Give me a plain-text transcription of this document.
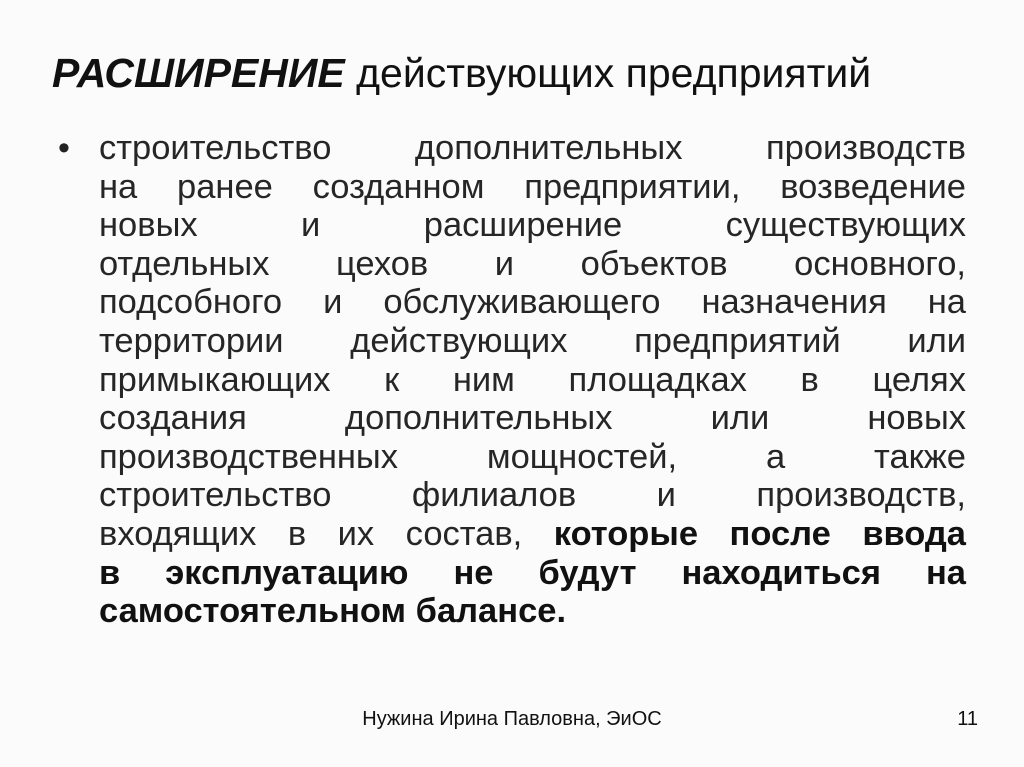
РАСШИРЕНИЕ действующих предприятий
• строительство дополнительных производств
на ранее созданном предприятии, возведение
новых и расширение существующих
отдельных цехов и объектов основного,
подсобного и обслуживающего назначения на
территории действующих предприятий или
примыкающих к ним площадках в целях
создания дополнительных или новых
производственных мощностей, а также
строительство филиалов и производств,
входящих в их состав, которые после ввода
в эксплуатацию не будут находиться на
самостоятельном балансе.
Нужина Ирина Павловна, ЭиОС	11
